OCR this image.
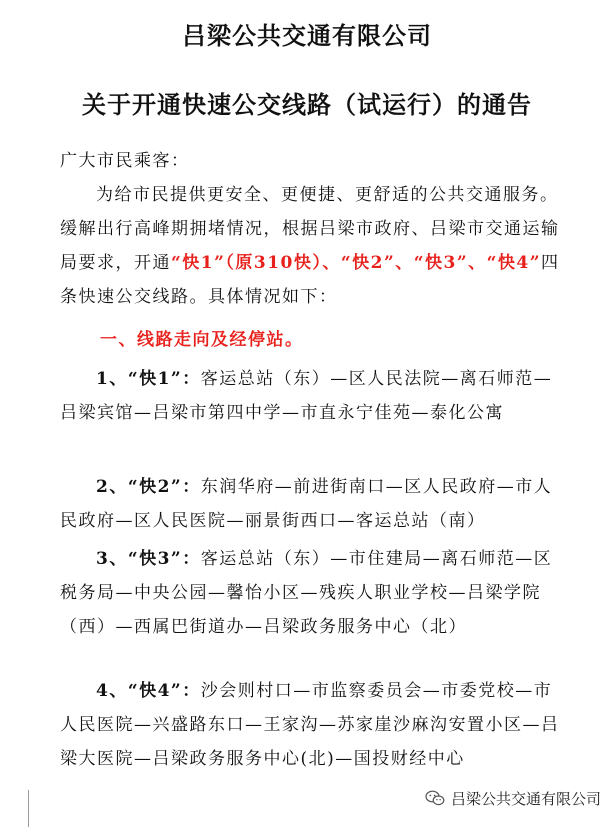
吕梁公共交通有限公司
关于开通快速公交线路（试运行）的通告
广大市民乘客：
为给市民提供更安全、更便捷、更舒适的公共交通服务。缓解出行高峰期拥堵情况，根据吕梁市政府、吕梁市交通运输局要求，开通“快1”（原310快）、“快2”、“快3”、“快4”四条快速公交线路。具体情况如下：
一、线路走向及经停站。
1、“快1”：客运总站（东）—区人民法院—离石师范—吕梁宾馆—吕梁市第四中学—市直永宁佳苑—泰化公寓
2、“快2”：东润华府—前进街南口—区人民政府—市人民政府—区人民医院—丽景街西口—客运总站（南）
3、“快3”：客运总站（东）—市住建局—离石师范—区税务局—中央公园—馨怡小区—残疾人职业学校—吕梁学院（西）—西属巴街道办—吕梁政务服务中心（北）
4、“快4”：沙会则村口—市监察委员会—市委党校—市人民医院—兴盛路东口—王家沟—苏家崖沙麻沟安置小区—吕梁大医院—吕梁政务服务中心(北)—国投财经中心
吕梁公共交通有限公司
